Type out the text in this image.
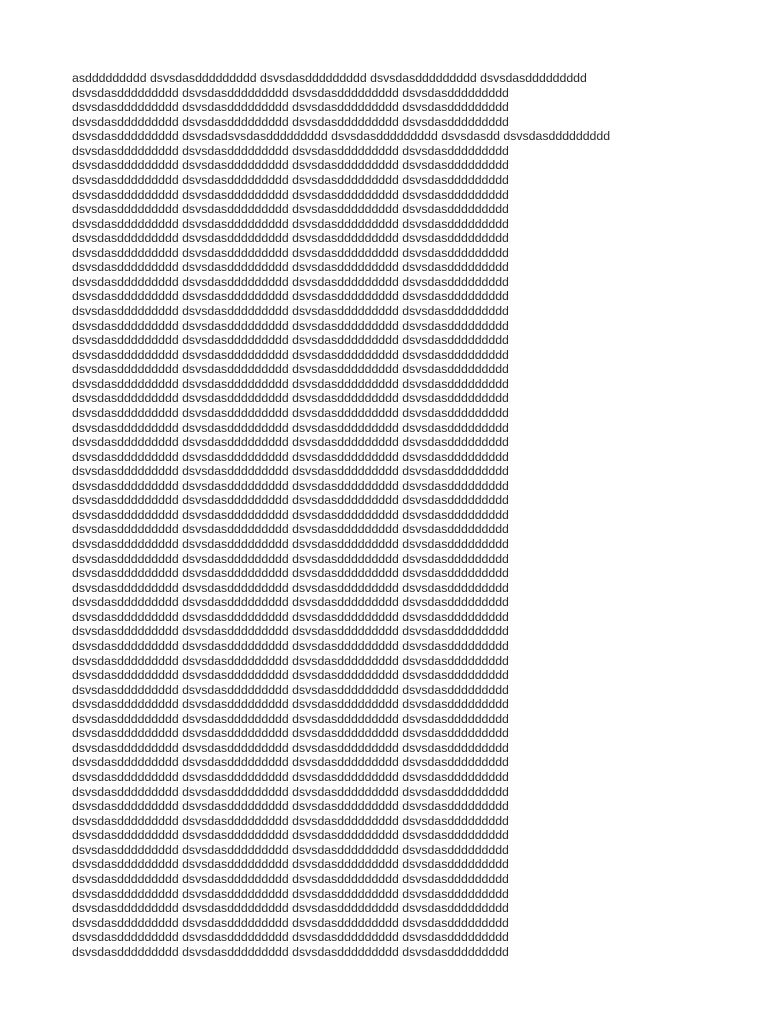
asddddddddd dsvsdasddddddddd dsvsdasddddddddd dsvsdasddddddddd dsvsdasddddddddd
dsvsdasddddddddd dsvsdasddddddddd dsvsdasddddddddd dsvsdasddddddddd
dsvsdasddddddddd dsvsdasddddddddd dsvsdasddddddddd dsvsdasddddddddd
dsvsdasddddddddd dsvsdasddddddddd dsvsdasddddddddd dsvsdasddddddddd
dsvsdasddddddddd dsvsdadsvsdasddddddddd dsvsdasddddddddd dsvsdasdd dsvsdasddddddddd
dsvsdasddddddddd dsvsdasddddddddd dsvsdasddddddddd dsvsdasddddddddd
dsvsdasddddddddd dsvsdasddddddddd dsvsdasddddddddd dsvsdasddddddddd
dsvsdasddddddddd dsvsdasddddddddd dsvsdasddddddddd dsvsdasddddddddd
dsvsdasddddddddd dsvsdasddddddddd dsvsdasddddddddd dsvsdasddddddddd
dsvsdasddddddddd dsvsdasddddddddd dsvsdasddddddddd dsvsdasddddddddd
dsvsdasddddddddd dsvsdasddddddddd dsvsdasddddddddd dsvsdasddddddddd
dsvsdasddddddddd dsvsdasddddddddd dsvsdasddddddddd dsvsdasddddddddd
dsvsdasddddddddd dsvsdasddddddddd dsvsdasddddddddd dsvsdasddddddddd
dsvsdasddddddddd dsvsdasddddddddd dsvsdasddddddddd dsvsdasddddddddd
dsvsdasddddddddd dsvsdasddddddddd dsvsdasddddddddd dsvsdasddddddddd
dsvsdasddddddddd dsvsdasddddddddd dsvsdasddddddddd dsvsdasddddddddd
dsvsdasddddddddd dsvsdasddddddddd dsvsdasddddddddd dsvsdasddddddddd
dsvsdasddddddddd dsvsdasddddddddd dsvsdasddddddddd dsvsdasddddddddd
dsvsdasddddddddd dsvsdasddddddddd dsvsdasddddddddd dsvsdasddddddddd
dsvsdasddddddddd dsvsdasddddddddd dsvsdasddddddddd dsvsdasddddddddd
dsvsdasddddddddd dsvsdasddddddddd dsvsdasddddddddd dsvsdasddddddddd
dsvsdasddddddddd dsvsdasddddddddd dsvsdasddddddddd dsvsdasddddddddd
dsvsdasddddddddd dsvsdasddddddddd dsvsdasddddddddd dsvsdasddddddddd
dsvsdasddddddddd dsvsdasddddddddd dsvsdasddddddddd dsvsdasddddddddd
dsvsdasddddddddd dsvsdasddddddddd dsvsdasddddddddd dsvsdasddddddddd
dsvsdasddddddddd dsvsdasddddddddd dsvsdasddddddddd dsvsdasddddddddd
dsvsdasddddddddd dsvsdasddddddddd dsvsdasddddddddd dsvsdasddddddddd
dsvsdasddddddddd dsvsdasddddddddd dsvsdasddddddddd dsvsdasddddddddd
dsvsdasddddddddd dsvsdasddddddddd dsvsdasddddddddd dsvsdasddddddddd
dsvsdasddddddddd dsvsdasddddddddd dsvsdasddddddddd dsvsdasddddddddd
dsvsdasddddddddd dsvsdasddddddddd dsvsdasddddddddd dsvsdasddddddddd
dsvsdasddddddddd dsvsdasddddddddd dsvsdasddddddddd dsvsdasddddddddd
dsvsdasddddddddd dsvsdasddddddddd dsvsdasddddddddd dsvsdasddddddddd
dsvsdasddddddddd dsvsdasddddddddd dsvsdasddddddddd dsvsdasddddddddd
dsvsdasddddddddd dsvsdasddddddddd dsvsdasddddddddd dsvsdasddddddddd
dsvsdasddddddddd dsvsdasddddddddd dsvsdasddddddddd dsvsdasddddddddd
dsvsdasddddddddd dsvsdasddddddddd dsvsdasddddddddd dsvsdasddddddddd
dsvsdasddddddddd dsvsdasddddddddd dsvsdasddddddddd dsvsdasddddddddd
dsvsdasddddddddd dsvsdasddddddddd dsvsdasddddddddd dsvsdasddddddddd
dsvsdasddddddddd dsvsdasddddddddd dsvsdasddddddddd dsvsdasddddddddd
dsvsdasddddddddd dsvsdasddddddddd dsvsdasddddddddd dsvsdasddddddddd
dsvsdasddddddddd dsvsdasddddddddd dsvsdasddddddddd dsvsdasddddddddd
dsvsdasddddddddd dsvsdasddddddddd dsvsdasddddddddd dsvsdasddddddddd
dsvsdasddddddddd dsvsdasddddddddd dsvsdasddddddddd dsvsdasddddddddd
dsvsdasddddddddd dsvsdasddddddddd dsvsdasddddddddd dsvsdasddddddddd
dsvsdasddddddddd dsvsdasddddddddd dsvsdasddddddddd dsvsdasddddddddd
dsvsdasddddddddd dsvsdasddddddddd dsvsdasddddddddd dsvsdasddddddddd
dsvsdasddddddddd dsvsdasddddddddd dsvsdasddddddddd dsvsdasddddddddd
dsvsdasddddddddd dsvsdasddddddddd dsvsdasddddddddd dsvsdasddddddddd
dsvsdasddddddddd dsvsdasddddddddd dsvsdasddddddddd dsvsdasddddddddd
dsvsdasddddddddd dsvsdasddddddddd dsvsdasddddddddd dsvsdasddddddddd
dsvsdasddddddddd dsvsdasddddddddd dsvsdasddddddddd dsvsdasddddddddd
dsvsdasddddddddd dsvsdasddddddddd dsvsdasddddddddd dsvsdasddddddddd
dsvsdasddddddddd dsvsdasddddddddd dsvsdasddddddddd dsvsdasddddddddd
dsvsdasddddddddd dsvsdasddddddddd dsvsdasddddddddd dsvsdasddddddddd
dsvsdasddddddddd dsvsdasddddddddd dsvsdasddddddddd dsvsdasddddddddd
dsvsdasddddddddd dsvsdasddddddddd dsvsdasddddddddd dsvsdasddddddddd
dsvsdasddddddddd dsvsdasddddddddd dsvsdasddddddddd dsvsdasddddddddd
dsvsdasddddddddd dsvsdasddddddddd dsvsdasddddddddd dsvsdasddddddddd
dsvsdasddddddddd dsvsdasddddddddd dsvsdasddddddddd dsvsdasddddddddd
dsvsdasddddddddd dsvsdasddddddddd dsvsdasddddddddd dsvsdasddddddddd
